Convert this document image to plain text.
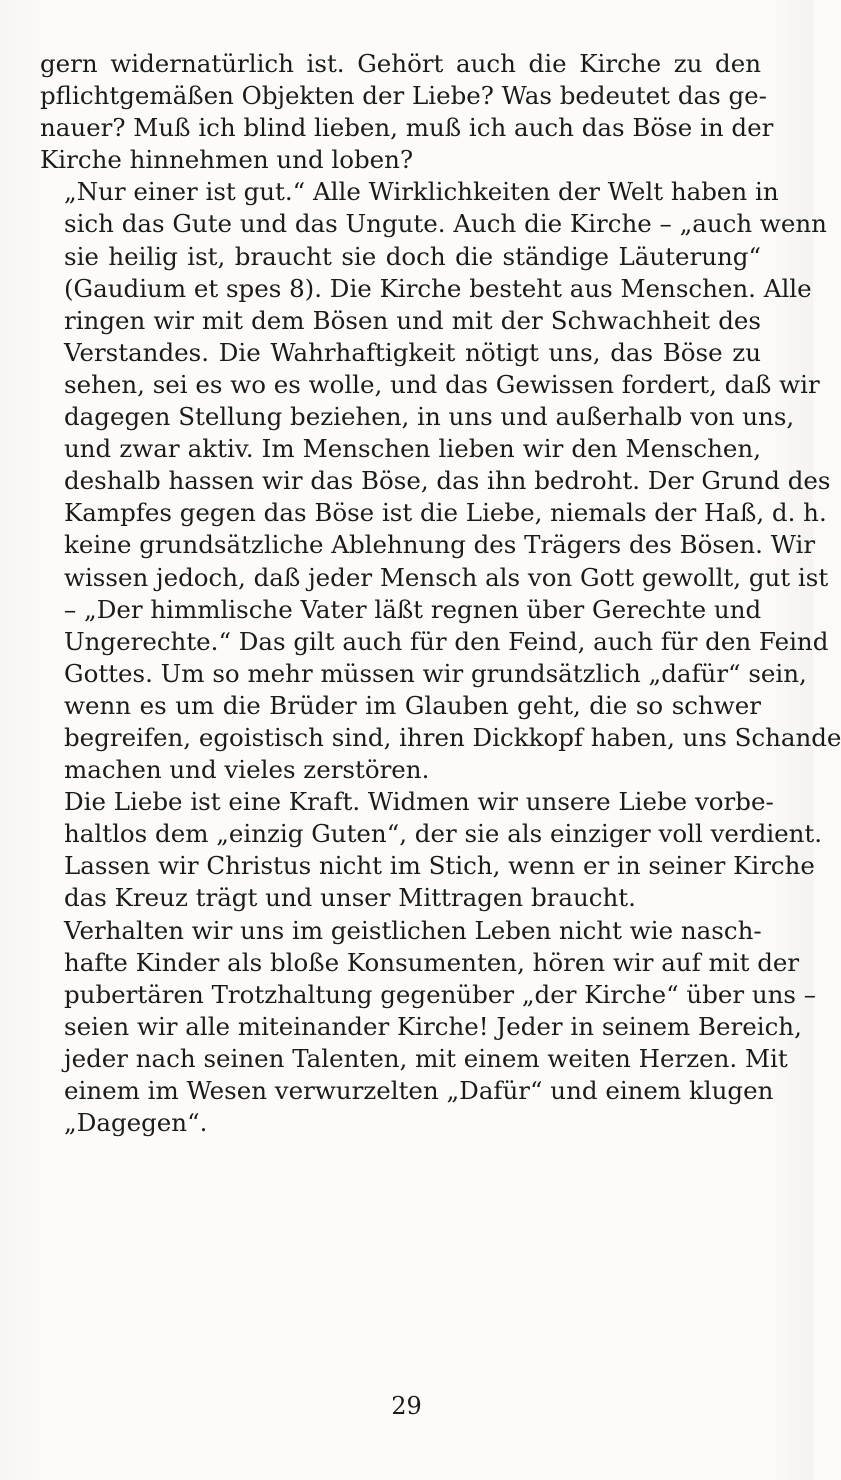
gern widernatürlich ist. Gehört auch die Kirche zu den
pflichtgemäßen Objekten der Liebe? Was bedeutet das ge-
nauer? Muß ich blind lieben, muß ich auch das Böse in der
Kirche hinnehmen und loben?
„Nur einer ist gut.“ Alle Wirklichkeiten der Welt haben in
sich das Gute und das Ungute. Auch die Kirche – „auch wenn
sie heilig ist, braucht sie doch die ständige Läuterung“
(Gaudium et spes 8). Die Kirche besteht aus Menschen. Alle
ringen wir mit dem Bösen und mit der Schwachheit des
Verstandes. Die Wahrhaftigkeit nötigt uns, das Böse zu
sehen, sei es wo es wolle, und das Gewissen fordert, daß wir
dagegen Stellung beziehen, in uns und außerhalb von uns,
und zwar aktiv. Im Menschen lieben wir den Menschen,
deshalb hassen wir das Böse, das ihn bedroht. Der Grund des
Kampfes gegen das Böse ist die Liebe, niemals der Haß, d. h.
keine grundsätzliche Ablehnung des Trägers des Bösen. Wir
wissen jedoch, daß jeder Mensch als von Gott gewollt, gut ist
– „Der himmlische Vater läßt regnen über Gerechte und
Ungerechte.“ Das gilt auch für den Feind, auch für den Feind
Gottes. Um so mehr müssen wir grundsätzlich „dafür“ sein,
wenn es um die Brüder im Glauben geht, die so schwer
begreifen, egoistisch sind, ihren Dickkopf haben, uns Schande
machen und vieles zerstören.
Die Liebe ist eine Kraft. Widmen wir unsere Liebe vorbe-
haltlos dem „einzig Guten“, der sie als einziger voll verdient.
Lassen wir Christus nicht im Stich, wenn er in seiner Kirche
das Kreuz trägt und unser Mittragen braucht.
Verhalten wir uns im geistlichen Leben nicht wie nasch-
hafte Kinder als bloße Konsumenten, hören wir auf mit der
pubertären Trotzhaltung gegenüber „der Kirche“ über uns –
seien wir alle miteinander Kirche! Jeder in seinem Bereich,
jeder nach seinen Talenten, mit einem weiten Herzen. Mit
einem im Wesen verwurzelten „Dafür“ und einem klugen
„Dagegen“.
29
